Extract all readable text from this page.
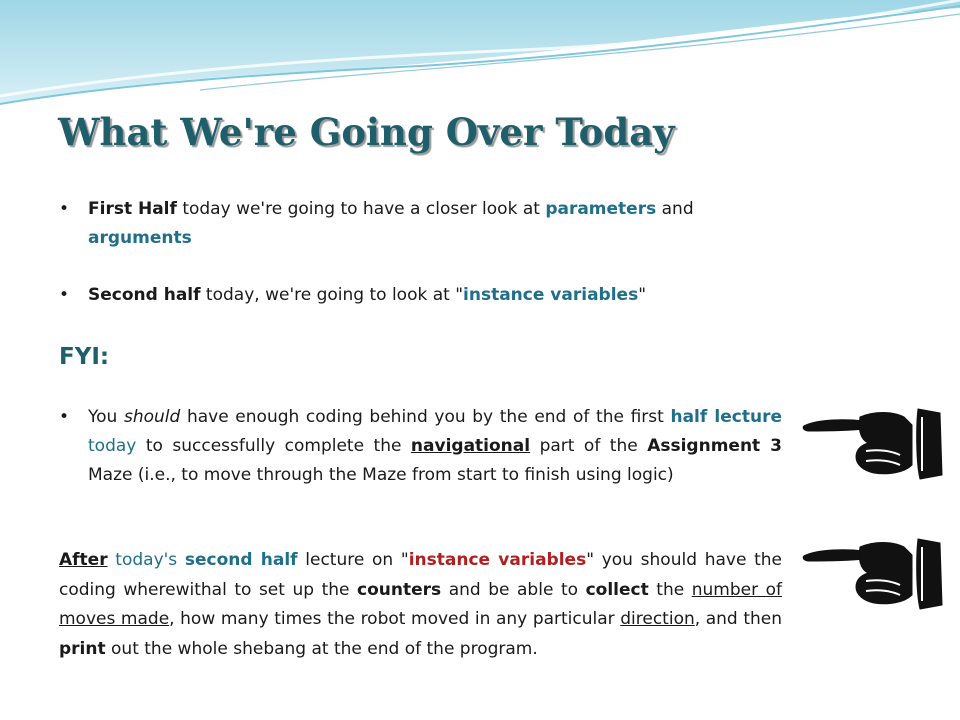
What We're Going Over Today
• First Half today we're going to have a closer look at parameters and arguments
• Second half today, we're going to look at "instance variables"
FYI:
• You should have enough coding behind you by the end of the first half lecture today to successfully complete the navigational part of the Assignment 3 Maze (i.e., to move through the Maze from start to finish using logic)
After today's second half lecture on "instance variables" you should have the coding wherewithal to set up the counters and be able to collect the number of moves made, how many times the robot moved in any particular direction, and then print out the whole shebang at the end of the program.
